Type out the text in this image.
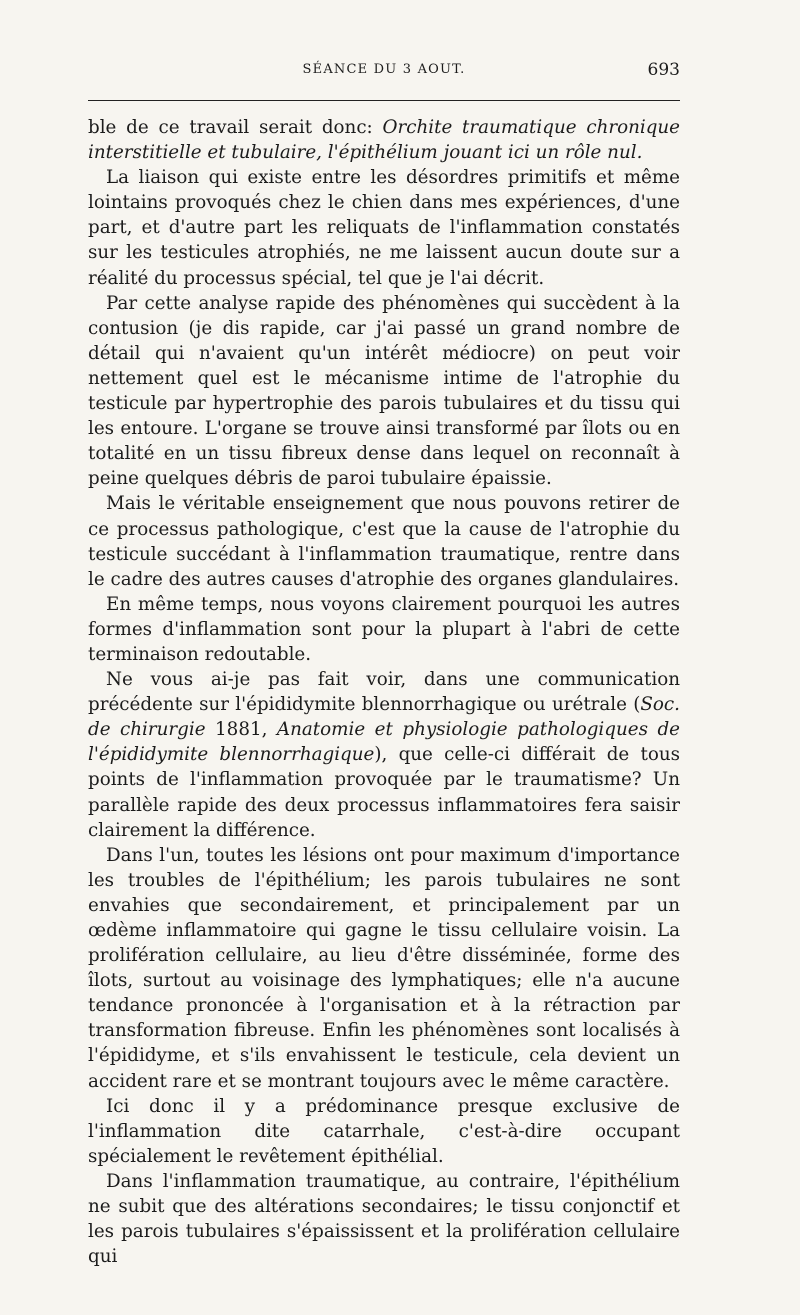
SÉANCE DU 3 AOUT.	693

ble de ce travail serait donc: Orchite traumatique chronique interstitielle et tubulaire, l'épithélium jouant ici un rôle nul.

La liaison qui existe entre les désordres primitifs et même lointains provoqués chez le chien dans mes expériences, d'une part, et d'autre part les reliquats de l'inflammation constatés sur les testicules atrophiés, ne me laissent aucun doute sur a réalité du processus spécial, tel que je l'ai décrit.

Par cette analyse rapide des phénomènes qui succèdent à la contusion (je dis rapide, car j'ai passé un grand nombre de détail qui n'avaient qu'un intérêt médiocre) on peut voir nettement quel est le mécanisme intime de l'atrophie du testicule par hypertrophie des parois tubulaires et du tissu qui les entoure. L'organe se trouve ainsi transformé par îlots ou en totalité en un tissu fibreux dense dans lequel on reconnaît à peine quelques débris de paroi tubulaire épaissie.

Mais le véritable enseignement que nous pouvons retirer de ce processus pathologique, c'est que la cause de l'atrophie du testicule succédant à l'inflammation traumatique, rentre dans le cadre des autres causes d'atrophie des organes glandulaires.

En même temps, nous voyons clairement pourquoi les autres formes d'inflammation sont pour la plupart à l'abri de cette terminaison redoutable.

Ne vous ai-je pas fait voir, dans une communication précédente sur l'épididymite blennorrhagique ou urétrale (Soc. de chirurgie 1881, Anatomie et physiologie pathologiques de l'épididymite blennorrhagique), que celle-ci différait de tous points de l'inflammation provoquée par le traumatisme? Un parallèle rapide des deux processus inflammatoires fera saisir clairement la différence.

Dans l'un, toutes les lésions ont pour maximum d'importance les troubles de l'épithélium; les parois tubulaires ne sont envahies que secondairement, et principalement par un œdème inflammatoire qui gagne le tissu cellulaire voisin. La prolifération cellulaire, au lieu d'être disséminée, forme des îlots, surtout au voisinage des lymphatiques; elle n'a aucune tendance prononcée à l'organisation et à la rétraction par transformation fibreuse. Enfin les phénomènes sont localisés à l'épididyme, et s'ils envahissent le testicule, cela devient un accident rare et se montrant toujours avec le même caractère.

Ici donc il y a prédominance presque exclusive de l'inflammation dite catarrhale, c'est-à-dire occupant spécialement le revêtement épithélial.

Dans l'inflammation traumatique, au contraire, l'épithélium ne subit que des altérations secondaires; le tissu conjonctif et les parois tubulaires s'épaississent et la prolifération cellulaire qui
